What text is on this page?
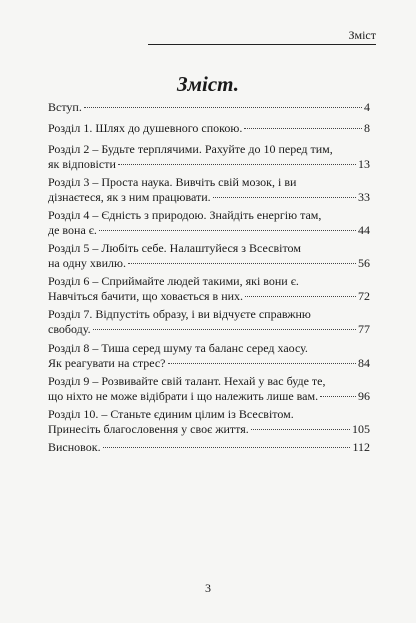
Зміст
Зміст.
Вступ.	4
Розділ 1. Шлях до душевного спокою.	8
Розділ 2 – Будьте терплячими. Рахуйте до 10 перед тим,
як відповісти	13
Розділ 3 – Проста наука. Вивчіть свій мозок, і ви
дізнаєтеся, як з ним працювати.	33
Розділ 4 – Єдність з природою. Знайдіть енергію там,
де вона є.	44
Розділ 5 – Любіть себе. Налаштуйеся з Всесвітом
на одну хвилю.	56
Розділ 6 – Сприймайте людей такими, які вони є.
Навчіться бачити, що ховається в них.	72
Розділ 7. Відпустіть образу, і ви відчуєте справжню
свободу.	77
Розділ 8 – Тиша серед шуму та баланс серед хаосу.
Як реагувати на стрес?	84
Розділ 9 – Розвивайте свій талант. Нехай у вас буде те,
що ніхто не може відібрати і що належить лише вам.	96
Розділ 10. – Станьте єдиним цілим із Всесвітом.
Принесіть благословення у своє життя.	105
Висновок.	112
3
